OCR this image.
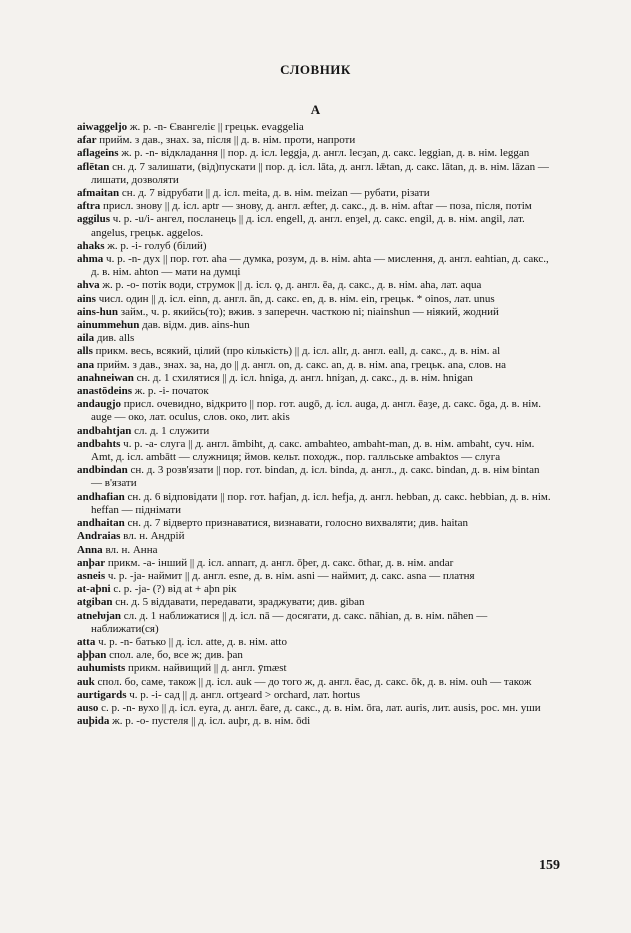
СЛОВНИК
А
aiwaggeljo ж. р. -n- Євангеліє || грецьк. evaggelia
afar прийм. з дав., знах. за, після || д. в. нім. проти, напроти
aflageins ж. р. -n- відкладання || пор. д. ісл. leggja, д. англ. lecȝan, д. сакс. leggian, д. в. нім. leggan
aflētan сн. д. 7 залишати, (від)пускати || пор. д. ісл. lāta, д. англ. lǣtan, д. сакс. lātan, д. в. нім. lāzan — лишати, дозволяти
afmaitan сн. д. 7 відрубати || д. ісл. meita, д. в. нім. meizan — рубати, різати
aftra присл. знову || д. ісл. aptr — знову, д. англ. æfter, д. сакс., д. в. нім. aftar — поза, після, потім
aggilus ч. р. -u/i- ангел, посланець || д. ісл. engell, д. англ. enȝel, д. сакс. engil, д. в. нім. angil, лат. angelus, грецьк. aggelos.
ahaks ж. р. -i- голуб (білий)
ahma ч. р. -n- дух || пор. гот. aha — думка, розум, д. в. нім. ahta — мислення, д. англ. eahtian, д. сакс., д. в. нім. ahton — мати на думці
ahva ж. р. -o- потік води, струмок || д. ісл. ǫ, д. англ. ēa, д. сакс., д. в. нім. aha, лат. aqua
ains числ. один || д. ісл. einn, д. англ. ān, д. сакс. en, д. в. нім. ein, грецьк. * oinos, лат. unus
ains-hun займ., ч. р. якийсь(то); вжив. з заперечн. часткою ni; niainshun — ніякий, жодний
ainummehun дав. відм. див. ains-hun
aila див. alls
alls прикм. весь, всякий, цілий (про кількість) || д. ісл. allr, д. англ. eall, д. сакс., д. в. нім. al
ana прийм. з дав., знах. за, на, до || д. англ. on, д. сакс. an, д. в. нім. ana, грецьк. ana, слов. на
anahneiwan сн. д. 1 схилятися || д. ісл. hniga, д. англ. hniȝan, д. сакс., д. в. нім. hnigan
anastōdeins ж. р. -i- початок
andaugjo присл. очевидно, відкрито || пор. гот. augō, д. ісл. auga, д. англ. ēaȝe, д. сакс. ōga, д. в. нім. auge — око, лат. oculus, слов. око, лит. akis
andbahtjan сл. д. 1 служити
andbahts ч. р. -a- слуга || д. англ. āmbiht, д. сакс. ambahteo, ambaht-man, д. в. нім. ambaht, суч. нім. Amt, д. ісл. ambātt — служниця; ймов. кельт. походж., пор. галльське ambaktos — слуга
andbindan сн. д. 3 розв'язати || пор. гот. bindan, д. ісл. binda, д. англ., д. сакс. bindan, д. в. нім bintan — в'язати
andhafian сн. д. 6 відповідати || пор. гот. hafjan, д. ісл. hefja, д. англ. hebban, д. сакс. hebbian, д. в. нім. heffan — піднімати
andhaitan сн. д. 7 відверто признаватися, визнавати, голосно вихваляти; див. haitan
Andraias вл. н. Андрій
Anna вл. н. Анна
anþar прикм. -a- інший || д. ісл. annarr, д. англ. ōþer, д. сакс. ōthar, д. в. нім. andar
asneis ч. р. -ja- наймит || д. англ. esne, д. в. нім. asni — наймит, д. сакс. asna — платня
at-aþni с. р. -ja- (?) від at + aþn рік
atgiban сн. д. 5 віддавати, передавати, зраджувати; див. giban
atneƕjan сл. д. 1 наближатися || д. ісл. nā — досягати, д. сакс. nāhian, д. в. нім. nāhen — наближати(ся)
atta ч. р. -n- батько || д. ісл. atte, д. в. нім. atto
aþþan спол. але, бо, все ж; див. þan
auhumists прикм. найвищий || д. англ. ȳmæst
auk спол. бо, саме, також || д. ісл. auk — до того ж, д. англ. ēac, д. сакс. ōk, д. в. нім. ouh — також
aurtigards ч. р. -i- сад || д. англ. ortȝeard > orchard, лат. hortus
auso с. р. -n- вухо || д. ісл. eyra, д. англ. ēare, д. сакс., д. в. нім. ōra, лат. auris, лит. ausis, рос. мн. уши
auþida ж. р. -o- пустеля || д. ісл. auþr, д. в. нім. ōdi
159
